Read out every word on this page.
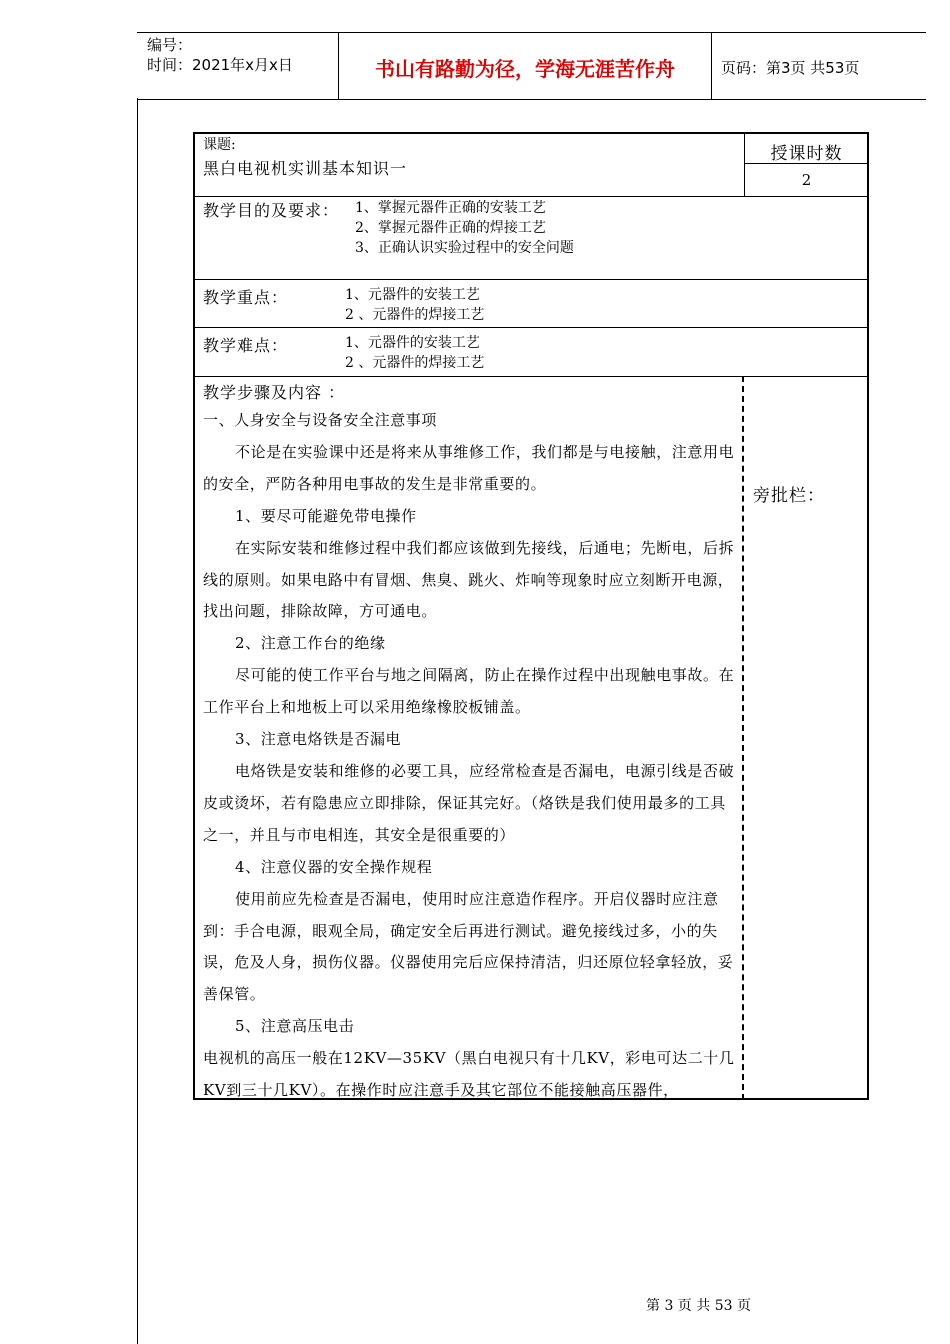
编号：
时间：2021年x月x日	书山有路勤为径，学海无涯苦作舟	页码：第3页 共53页
课题:
黑白电视机实训基本知识一
授课时数
2
教学目的及要求： 1、掌握元器件正确的安装工艺
2、掌握元器件正确的焊接工艺
3、正确认识实验过程中的安全问题
教学重点：	1、元器件的安装工艺
2 、元器件的焊接工艺
教学难点：	1、元器件的安装工艺
2 、元器件的焊接工艺
教学步骤及内容 ：
旁批栏：

一、人身安全与设备安全注意事项

不论是在实验课中还是将来从事维修工作，我们都是与电接触，注意用电的安全，严防各种用电事故的发生是非常重要的。

1、要尽可能避免带电操作

在实际安装和维修过程中我们都应该做到先接线，后通电；先断电，后拆线的原则。如果电路中有冒烟、焦臭、跳火、炸响等现象时应立刻断开电源，找出问题，排除故障，方可通电。

2、注意工作台的绝缘

尽可能的使工作平台与地之间隔离，防止在操作过程中出现触电事故。在工作平台上和地板上可以采用绝缘橡胶板铺盖。

3、注意电烙铁是否漏电

电烙铁是安装和维修的必要工具，应经常检查是否漏电，电源引线是否破皮或烫坏，若有隐患应立即排除，保证其完好。（烙铁是我们使用最多的工具之一，并且与市电相连，其安全是很重要的）

4、注意仪器的安全操作规程

使用前应先检查是否漏电，使用时应注意造作程序。开启仪器时应注意到：手合电源，眼观全局，确定安全后再进行测试。避免接线过多，小的失误，危及人身，损伤仪器。仪器使用完后应保持清洁，归还原位轻拿轻放，妥善保管。

5、注意高压电击

电视机的高压一般在12KV—35KV（黑白电视只有十几KV，彩电可达二十几KV到三十几KV）。在操作时应注意手及其它部位不能接触高压器件，

第 3 页 共 53 页
